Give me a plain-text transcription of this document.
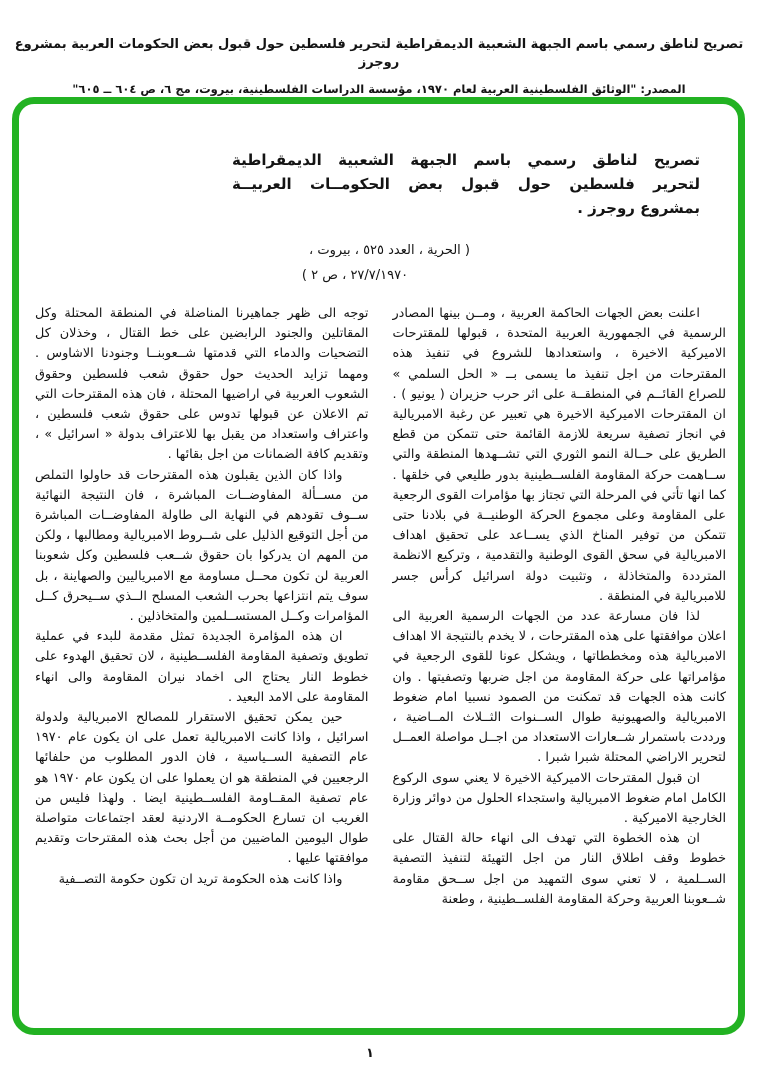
تصريح لناطق رسمي باسم الجبهة الشعبية الديمقراطية لتحرير فلسطين حول قبول بعض الحكومات العربية بمشروع روجرز
المصدر: "الوثائق الفلسطينية العربية لعام ١٩٧٠، مؤسسة الدراسات الفلسطينية، بيروت، مج ٦، ص ٦٠٤ ــ ٦٠٥"
تصريح لناطق رسمي باسم الجبهة الشعبية الديمقراطية
لتحرير فلسطين حول قبول بعض الحكومــات العربيــة
بمشروع روجرز .
( الحرية ، العدد ٥٢٥ ، بيروت ،
٢٧/٧/١٩٧٠ ، ص ٢ )

اعلنت بعض الجهات الحاكمة العربية ، ومــن بينها المصادر الرسمية في الجمهورية العربية المتحدة ، قبولها للمقترحات الاميركية الاخيرة ، واستعدادها للشروع في تنفيذ هذه المقترحات من اجل تنفيذ ما يسمى بــ « الحل السلمي » للصراع القائــم في المنطقــة على اثر حرب حزيران ( يونيو ) . ان المقترحات الاميركية الاخيرة هي تعبير عن رغبة الامبريالية في انجاز تصفية سريعة للازمة القائمة حتى تتمكن من قطع الطريق على حــالة النمو الثوري التي تشــهدها المنطقة والتي ســاهمت حركة المقاومة الفلســطينية بدور طليعي في خلقها . كما انها تأتي في المرحلة التي تجتاز بها مؤامرات القوى الرجعية على المقاومة وعلى مجموع الحركة الوطنيــة في بلادنا حتى تتمكن من توفير المناخ الذي يســاعد على تحقيق اهداف الامبريالية في سحق القوى الوطنية والتقدمية ، وتركيع الانظمة المترددة والمتخاذلة ، وتثبيت دولة اسرائيل كرأس جسر للامبريالية في المنطقة .

لذا فان مسارعة عدد من الجهات الرسمية العربية الى اعلان موافقتها على هذه المقترحات ، لا يخدم بالنتيجة الا اهداف الامبريالية هذه ومخططاتها ، ويشكل عونا للقوى الرجعية في مؤامراتها على حركة المقاومة من اجل ضربها وتصفيتها . وان كانت هذه الجهات قد تمكنت من الصمود نسبيا امام ضغوط الامبريالية والصهيونية طوال الســنوات الثــلاث المــاضية ، ورددت باستمرار شــعارات الاستعداد من اجــل مواصلة العمــل لتحرير الاراضي المحتلة شبرا شبرا .

ان قبول المقترحات الاميركية الاخيرة لا يعني سوى الركوع الكامل امام ضغوط الامبريالية واستجداء الحلول من دوائر وزارة الخارجية الاميركية .

ان هذه الخطوة التي تهدف الى انهاء حالة القتال على خطوط وقف اطلاق النار من اجل التهيئة لتنفيذ التصفية الســلمية ، لا تعني سوى التمهيد من اجل ســحق مقاومة شــعوبنا العربية وحركة المقاومة الفلســطينية ، وطعنة

توجه الى ظهر جماهيرنا المناضلة في المنطقة المحتلة وكل المقاتلين والجنود الرابضين على خط القتال ، وخذلان كل التضحيات والدماء التي قدمتها شــعوبنــا وجنودنا الاشاوس . ومهما تزايد الحديث حول حقوق شعب فلسطين وحقوق الشعوب العربية في اراضيها المحتلة ، فان هذه المقترحات التي تم الاعلان عن قبولها تدوس على حقوق شعب فلسطين ، واعتراف واستعداد من يقبل بها للاعتراف بدولة « اسرائيل » ، وتقديم كافة الضمانات من اجل بقائها .

واذا كان الذين يقبلون هذه المقترحات قد حاولوا التملص من مســألة المفاوضــات المباشرة ، فان النتيجة النهائية ســوف تقودهم في النهاية الى طاولة المفاوضــات المباشرة من أجل التوقيع الذليل على شــروط الامبريالية ومطالبها ، ولكن من المهم ان يدركوا بان حقوق شــعب فلسطين وكل شعوبنا العربية لن تكون محــل مساومة مع الامبرياليين والصهاينة ، بل سوف يتم انتزاعها بحرب الشعب المسلح الــذي ســيحرق كــل المؤامرات وكــل المستســلمين والمتخاذلين .

ان هذه المؤامرة الجديدة تمثل مقدمة للبدء في عملية تطويق وتصفية المقاومة الفلســطينية ، لان تحقيق الهدوء على خطوط النار يحتاج الى اخماد نيران المقاومة والى انهاء المقاومة على الامد البعيد .

حين يمكن تحقيق الاستقرار للمصالح الامبريالية ولدولة اسرائيل ، واذا كانت الامبريالية تعمل على ان يكون عام ١٩٧٠ عام التصفية الســياسية ، فان الدور المطلوب من حلفائها الرجعيين في المنطقة هو ان يعملوا على ان يكون عام ١٩٧٠ هو عام تصفية المقــاومة الفلســطينية ايضا . ولهذا فليس من الغريب ان تسارع الحكومــة الاردنية لعقد اجتماعات متواصلة طوال اليومين الماضيين من أجل بحث هذه المقترحات وتقديم موافقتها عليها .

واذا كانت هذه الحكومة تريد ان تكون حكومة التصــفية

١
